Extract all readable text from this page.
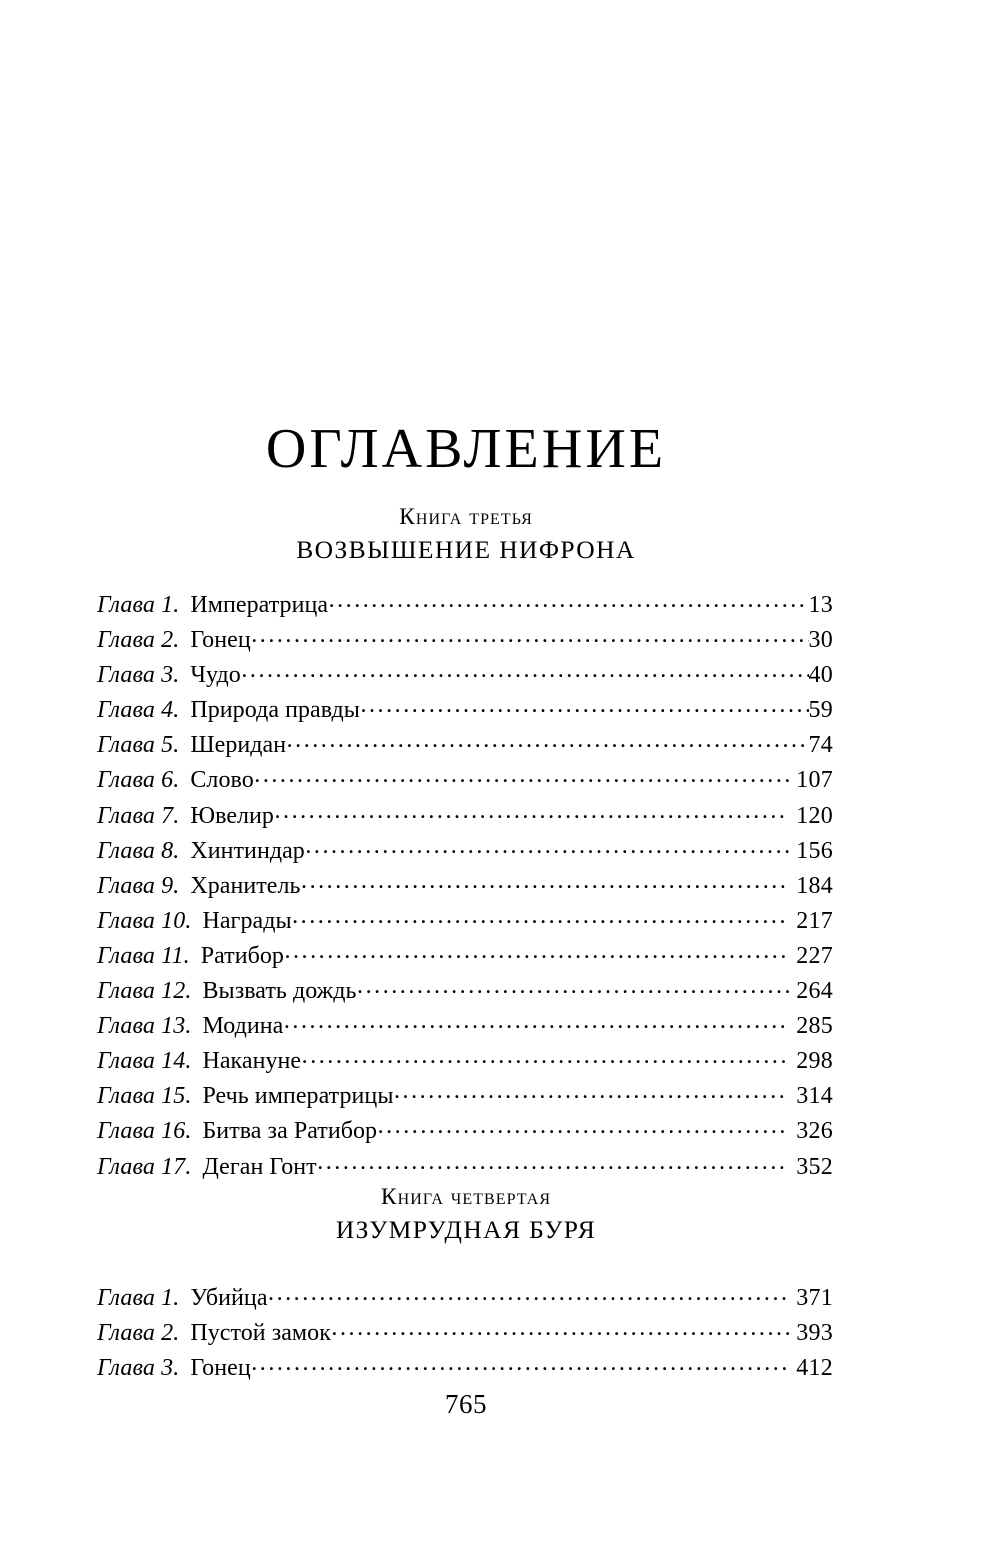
ОГЛАВЛЕНИЕ
Книга третья
ВОЗВЫШЕНИЕ НИФРОНА
Глава 1. Императрица .....	13
Глава 2. Гонец .....	30
Глава 3. Чудо .....	40
Глава 4. Природа правды .....	59
Глава 5. Шеридан .....	74
Глава 6. Слово .....	107
Глава 7. Ювелир .....	120
Глава 8. Хинтиндар .....	156
Глава 9. Хранитель .....	184
Глава 10. Награды .....	217
Глава 11. Ратибор .....	227
Глава 12. Вызвать дождь .....	264
Глава 13. Модина .....	285
Глава 14. Накануне .....	298
Глава 15. Речь императрицы .....	314
Глава 16. Битва за Ратибор .....	326
Глава 17. Деган Гонт .....	352
Книга четвертая
ИЗУМРУДНАЯ БУРЯ
Глава 1. Убийца .....	371
Глава 2. Пустой замок .....	393
Глава 3. Гонец .....	412
765
